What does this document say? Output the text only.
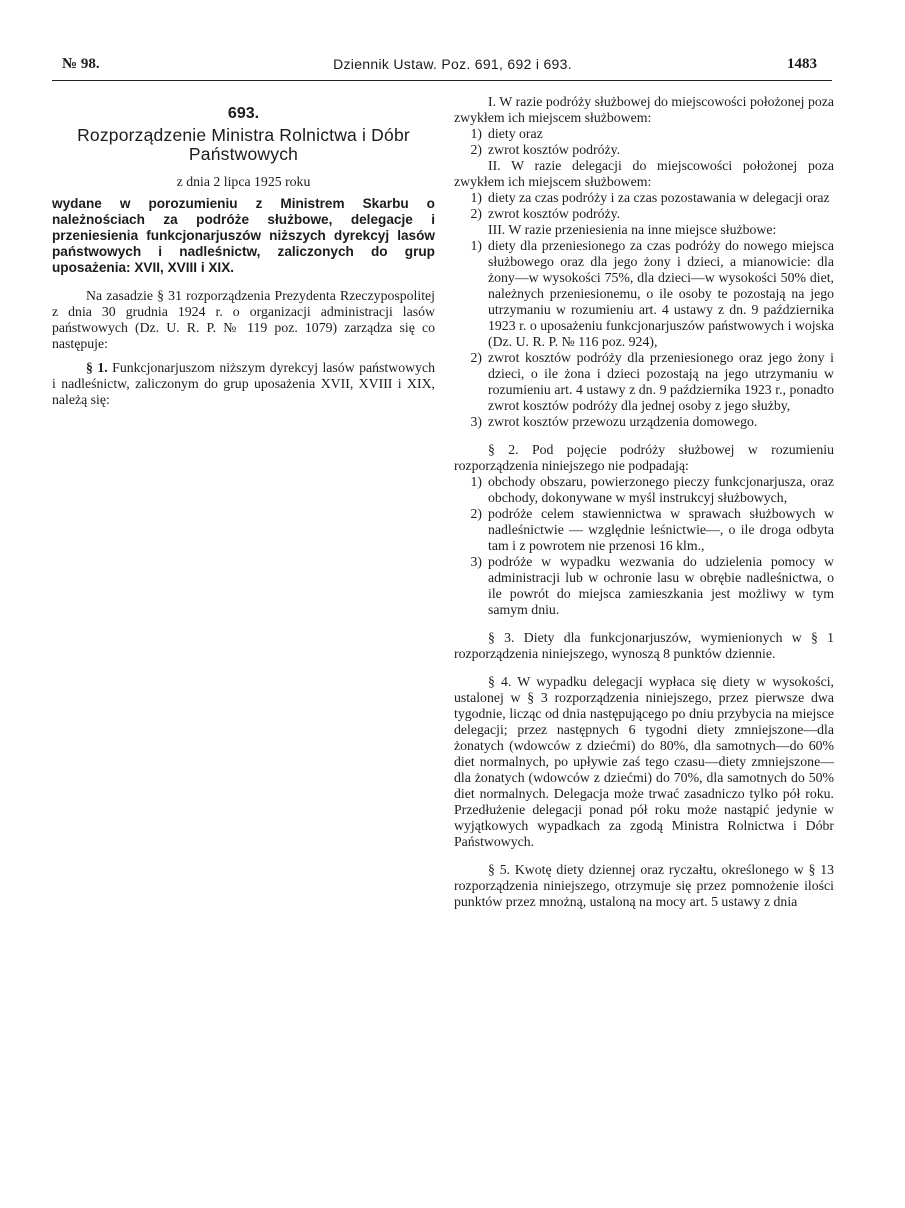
№ 98.	Dziennik Ustaw. Poz. 691, 692 i 693.	1483
693.
Rozporządzenie Ministra Rolnictwa i Dóbr Państwowych
z dnia 2 lipca 1925 roku
wydane w porozumieniu z Ministrem Skarbu o należnościach za podróże służbowe, delegacje i przeniesienia funkcjonarjuszów niższych dyrekcyj lasów państwowych i nadleśnictw, zaliczonych do grup uposażenia: XVII, XVIII i XIX.

Na zasadzie § 31 rozporządzenia Prezydenta Rzeczypospolitej z dnia 30 grudnia 1924 r. o organizacji administracji lasów państwowych (Dz. U. R. P. № 119 poz. 1079) zarządza się co następuje:

§ 1. Funkcjonarjuszom niższym dyrekcyj lasów państwowych i nadleśnictw, zaliczonym do grup uposażenia XVII, XVIII i XIX, należą się:

I. W razie podróży służbowej do miejscowości położonej poza zwykłem ich miejscem służbowem:

1) diety oraz
2) zwrot kosztów podróży.

II. W razie delegacji do miejscowości położonej poza zwykłem ich miejscem służbowem:

1) diety za czas podróży i za czas pozostawania w delegacji oraz
2) zwrot kosztów podróży.

III. W razie przeniesienia na inne miejsce służbowe:

1) diety dla przeniesionego za czas podróży do nowego miejsca służbowego oraz dla jego żony i dzieci, a mianowicie: dla żony—w wysokości 75%, dla dzieci—w wysokości 50% diet, należnych przeniesionemu, o ile osoby te pozostają na jego utrzymaniu w rozumieniu art. 4 ustawy z dn. 9 października 1923 r. o uposażeniu funkcjonarjuszów państwowych i wojska (Dz. U. R. P. № 116 poz. 924),
2) zwrot kosztów podróży dla przeniesionego oraz jego żony i dzieci, o ile żona i dzieci pozostają na jego utrzymaniu w rozumieniu art. 4 ustawy z dn. 9 października 1923 r., ponadto zwrot kosztów podróży dla jednej osoby z jego służby,
3) zwrot kosztów przewozu urządzenia domowego.

§ 2. Pod pojęcie podróży służbowej w rozumieniu rozporządzenia niniejszego nie podpadają:

1) obchody obszaru, powierzonego pieczy funkcjonarjusza, oraz obchody, dokonywane w myśl instrukcyj służbowych,
2) podróże celem stawiennictwa w sprawach służbowych w nadleśnictwie — względnie leśnictwie—, o ile droga odbyta tam i z powrotem nie przenosi 16 klm.,
3) podróże w wypadku wezwania do udzielenia pomocy w administracji lub w ochronie lasu w obrębie nadleśnictwa, o ile powrót do miejsca zamieszkania jest możliwy w tym samym dniu.

§ 3. Diety dla funkcjonarjuszów, wymienionych w § 1 rozporządzenia niniejszego, wynoszą 8 punktów dziennie.

§ 4. W wypadku delegacji wypłaca się diety w wysokości, ustalonej w § 3 rozporządzenia niniejszego, przez pierwsze dwa tygodnie, licząc od dnia następującego po dniu przybycia na miejsce delegacji; przez następnych 6 tygodni diety zmniejszone—dla żonatych (wdowców z dziećmi) do 80%, dla samotnych—do 60% diet normalnych, po upływie zaś tego czasu—diety zmniejszone—dla żonatych (wdowców z dziećmi) do 70%, dla samotnych do 50% diet normalnych. Delegacja może trwać zasadniczo tylko pół roku. Przedłużenie delegacji ponad pół roku może nastąpić jedynie w wyjątkowych wypadkach za zgodą Ministra Rolnictwa i Dóbr Państwowych.

§ 5. Kwotę diety dziennej oraz ryczałtu, określonego w § 13 rozporządzenia niniejszego, otrzymuje się przez pomnożenie ilości punktów przez mnożną, ustaloną na mocy art. 5 ustawy z dnia
